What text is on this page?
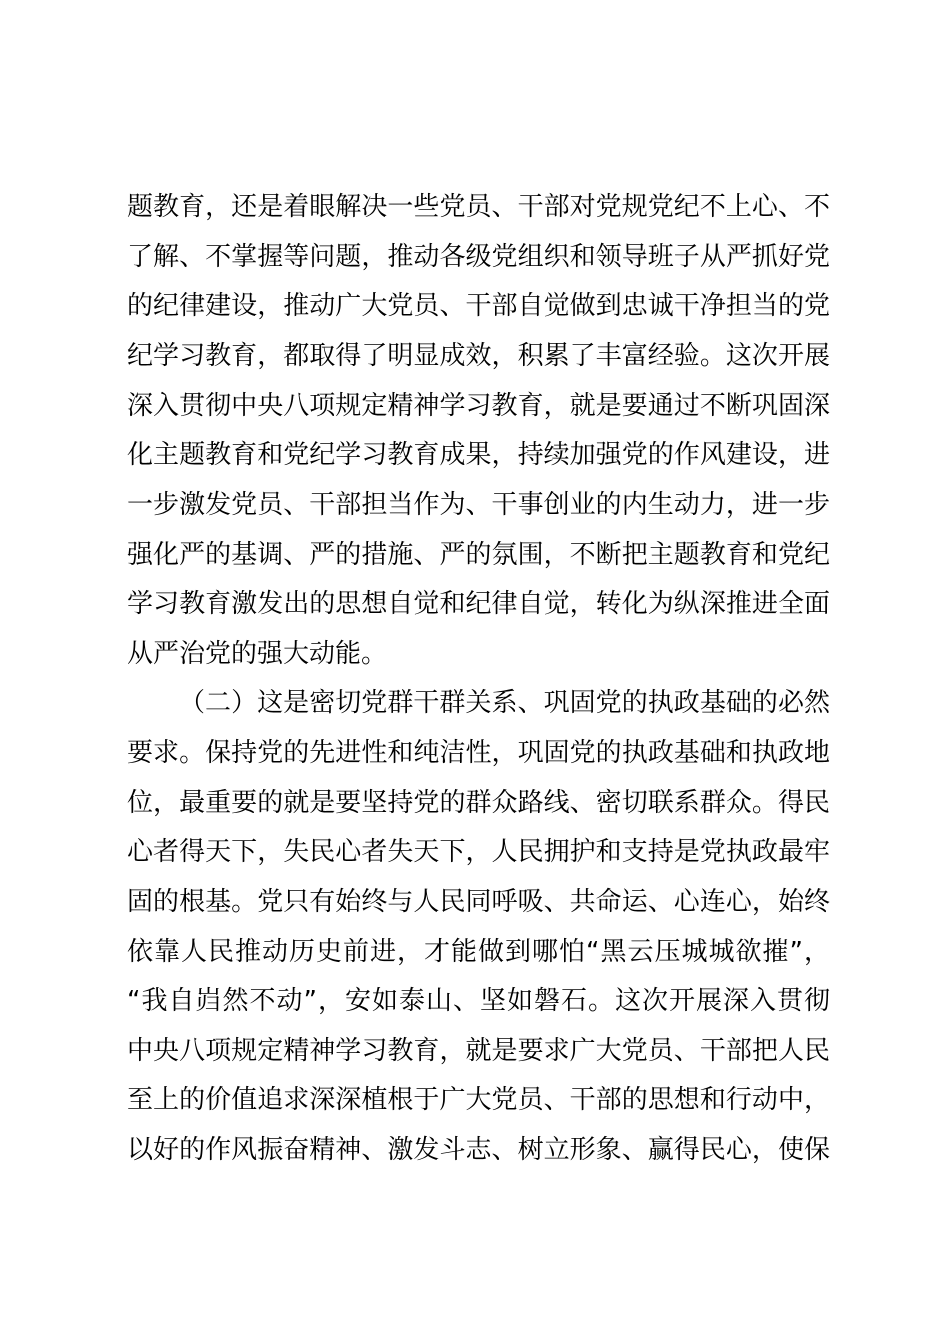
题教育，还是着眼解决一些党员、干部对党规党纪不上心、不
了解、不掌握等问题，推动各级党组织和领导班子从严抓好党
的纪律建设，推动广大党员、干部自觉做到忠诚干净担当的党
纪学习教育，都取得了明显成效，积累了丰富经验。这次开展
深入贯彻中央八项规定精神学习教育，就是要通过不断巩固深
化主题教育和党纪学习教育成果，持续加强党的作风建设，进
一步激发党员、干部担当作为、干事创业的内生动力，进一步
强化严的基调、严的措施、严的氛围，不断把主题教育和党纪
学习教育激发出的思想自觉和纪律自觉，转化为纵深推进全面
从严治党的强大动能。
（二）这是密切党群干群关系、巩固党的执政基础的必然
要求。保持党的先进性和纯洁性，巩固党的执政基础和执政地
位，最重要的就是要坚持党的群众路线、密切联系群众。得民
心者得天下，失民心者失天下，人民拥护和支持是党执政最牢
固的根基。党只有始终与人民同呼吸、共命运、心连心，始终
依靠人民推动历史前进，才能做到哪怕“黑云压城城欲摧”，
“我自岿然不动”，安如泰山、坚如磐石。这次开展深入贯彻
中央八项规定精神学习教育，就是要求广大党员、干部把人民
至上的价值追求深深植根于广大党员、干部的思想和行动中，
以好的作风振奋精神、激发斗志、树立形象、赢得民心，使保
